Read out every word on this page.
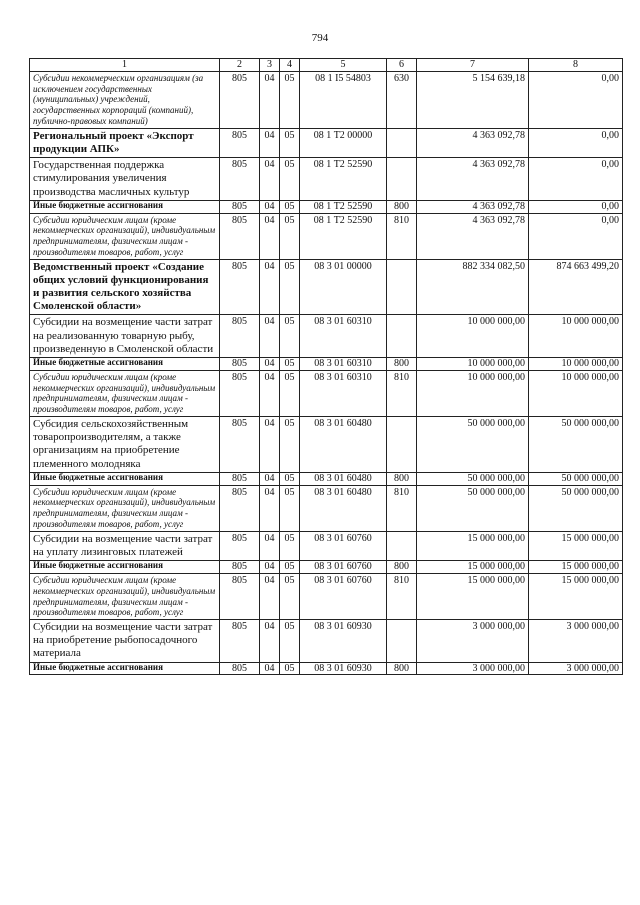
794
1	2	3	4	5	6	7	8
Субсидии некоммерческим организациям (за исключением государственных (муниципальных) учреждений, государственных корпораций (компаний), публично-правовых компаний)	805	04	05	08 1 I5 54803	630	5 154 639,18	0,00
Региональный проект «Экспорт продукции АПК»	805	04	05	08 1 Т2 00000		4 363 092,78	0,00
Государственная поддержка стимулирования увеличения производства масличных культур	805	04	05	08 1 Т2 52590		4 363 092,78	0,00
Иные бюджетные ассигнования	805	04	05	08 1 Т2 52590	800	4 363 092,78	0,00
Субсидии юридическим лицам (кроме некоммерческих организаций), индивидуальным предпринимателям, физическим лицам - производителям товаров, работ, услуг	805	04	05	08 1 Т2 52590	810	4 363 092,78	0,00
Ведомственный проект «Создание общих условий функционирования и развития сельского хозяйства Смоленской области»	805	04	05	08 3 01 00000		882 334 082,50	874 663 499,20
Субсидии на возмещение части затрат на реализованную товарную рыбу, произведенную в Смоленской области	805	04	05	08 3 01 60310		10 000 000,00	10 000 000,00
Иные бюджетные ассигнования	805	04	05	08 3 01 60310	800	10 000 000,00	10 000 000,00
Субсидии юридическим лицам (кроме некоммерческих организаций), индивидуальным предпринимателям, физическим лицам - производителям товаров, работ, услуг	805	04	05	08 3 01 60310	810	10 000 000,00	10 000 000,00
Субсидия сельскохозяйственным товаропроизводителям, а также организациям на приобретение племенного молодняка	805	04	05	08 3 01 60480		50 000 000,00	50 000 000,00
Иные бюджетные ассигнования	805	04	05	08 3 01 60480	800	50 000 000,00	50 000 000,00
Субсидии юридическим лицам (кроме некоммерческих организаций), индивидуальным предпринимателям, физическим лицам - производителям товаров, работ, услуг	805	04	05	08 3 01 60480	810	50 000 000,00	50 000 000,00
Субсидии на возмещение части затрат на уплату лизинговых платежей	805	04	05	08 3 01 60760		15 000 000,00	15 000 000,00
Иные бюджетные ассигнования	805	04	05	08 3 01 60760	800	15 000 000,00	15 000 000,00
Субсидии юридическим лицам (кроме некоммерческих организаций), индивидуальным предпринимателям, физическим лицам - производителям товаров, работ, услуг	805	04	05	08 3 01 60760	810	15 000 000,00	15 000 000,00
Субсидии на возмещение части затрат на приобретение рыбопосадочного материала	805	04	05	08 3 01 60930		3 000 000,00	3 000 000,00
Иные бюджетные ассигнования	805	04	05	08 3 01 60930	800	3 000 000,00	3 000 000,00
